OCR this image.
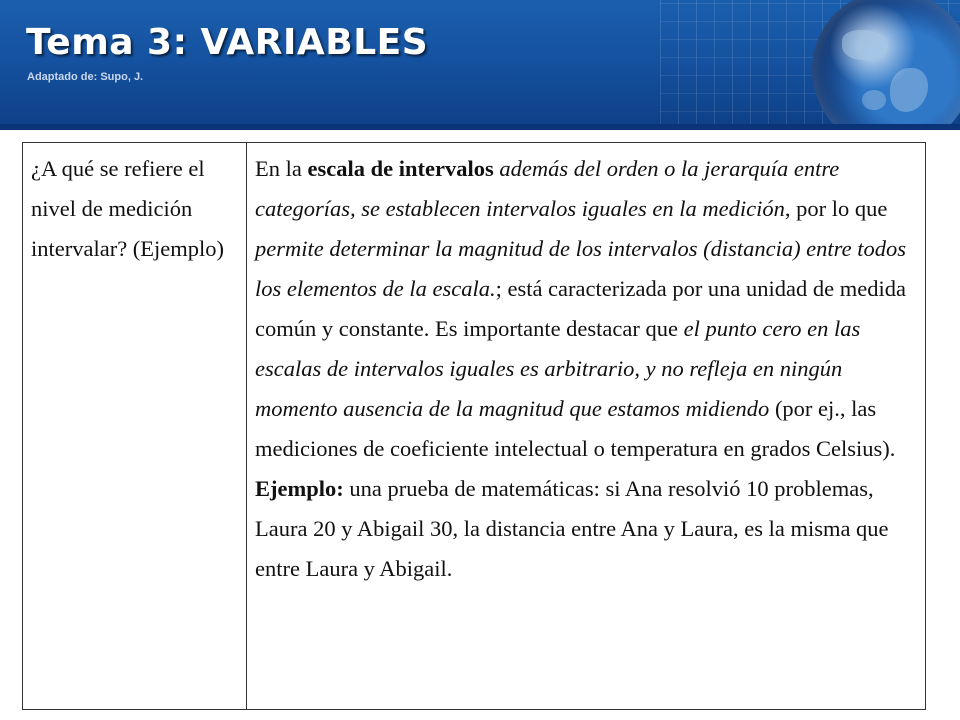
Tema 3: VARIABLES
Adaptado de: Supo, J.
¿A qué se refiere el nivel de medición intervalar? (Ejemplo)	

En la escala de intervalos además del orden o la jerarquía entre categorías, se establecen intervalos iguales en la medición, por lo que permite determinar la magnitud de los intervalos (distancia) entre todos los elementos de la escala.; está caracterizada por una unidad de medida común y constante. Es importante destacar que el punto cero en las escalas de intervalos iguales es arbitrario, y no refleja en ningún momento ausencia de la magnitud que estamos midiendo (por ej., las mediciones de coeficiente intelectual o temperatura en grados Celsius).

Ejemplo: una prueba de matemáticas: si Ana resolvió 10 problemas, Laura 20 y Abigail 30, la distancia entre Ana y Laura, es la misma que entre Laura y Abigail.
